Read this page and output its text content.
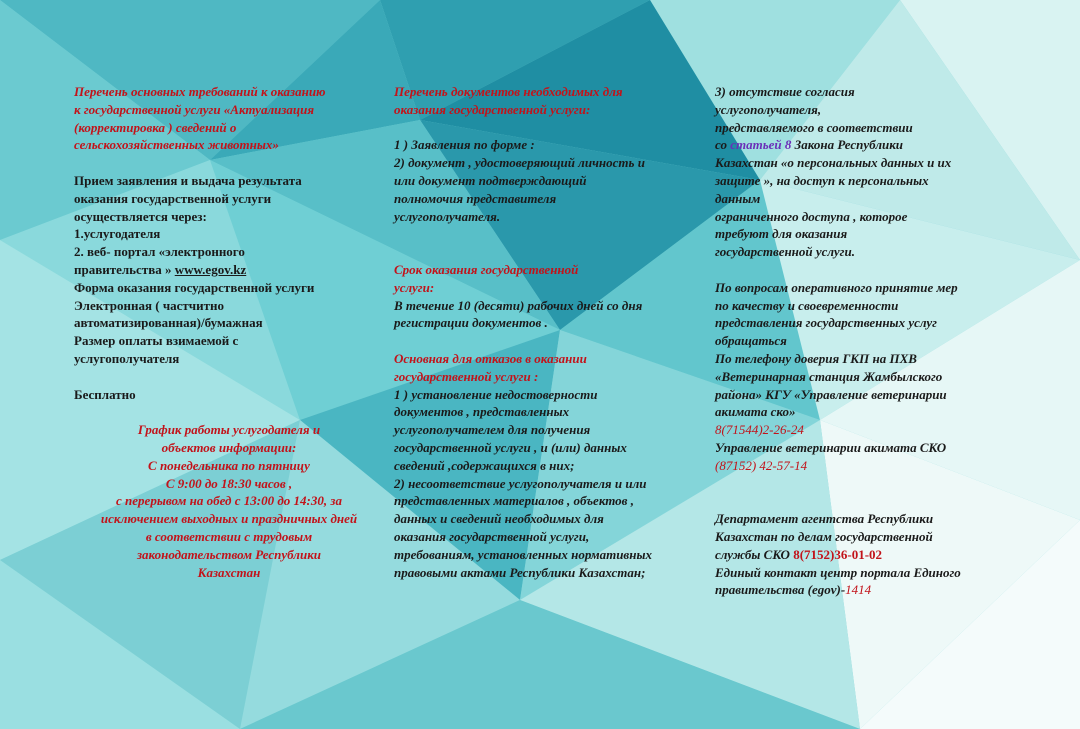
Перечень основных требований к оказанию
к государственной услуги «Актуализация
(корректировка ) сведений о
сельскохозяйственных животных»
Прием заявления и выдача результата
оказания государственной услуги
осуществляется через:
1.услугодателя
2. веб- портал «электронного
правительства » www.egov.kz
Форма оказания государственной услуги
Электронная ( частчитно
автоматизированная)/бумажная
Размер оплаты взимаемой с
услугополучателя
Бесплатно
График работы услугодателя и
объектов информации:
С понедельника по пятницу
С 9:00 до 18:30 часов ,
с перерывом на обед с 13:00 до 14:30, за
исключением выходных и праздничных дней
в соответствии с трудовым
законодательством Республики
Казахстан
Перечень документов необходимых для
оказания государственной услуги:
1 ) Заявления по форме :
2) документ , удостоверяющий личность и
или документ подтверждающий
полномочия представителя
услугополучателя.
Срок оказания государственной
услуги:
В течение 10 (десяти) рабочих дней со дня
регистрации документов .
Основная для отказов в оказании
государственной услуги :
1 ) установление недостоверности
документов , представленных
услугополучателем для получения
государственной услуги , и (или) данных
сведений ,содержащихся в них;
2) несоответствие услугополучателя и или
представленных материалов , объектов ,
данных и сведений необходимых для
оказания государственной услуги,
требованиям, установленных нормативных
правовыми актами Республики Казахстан;
3) отсутствие согласия
услугополучателя,
представляемого в соответствии
со статьей 8 Закона Республики
Казахстан «о персональных данных и их
защите », на доступ к персональных
данным
ограниченного доступа , которое
требуют для оказания
государственной услуги.
По вопросам оперативного принятие мер
по качеству и своевременности
представления государственных услуг
обращаться
По телефону доверия ГКП на ПХВ
«Ветеринарная станция Жамбылского
района» КГУ «Управление ветеринарии
акимата ско»
8(71544)2-26-24
Управление ветеринарии акимата СКО
(87152) 42-57-14
Департамент агентства Республики
Казахстан по делам государственной
службы СКО 8(7152)36-01-02
Единый контакт центр портала Единого
правительства (egov)-1414
